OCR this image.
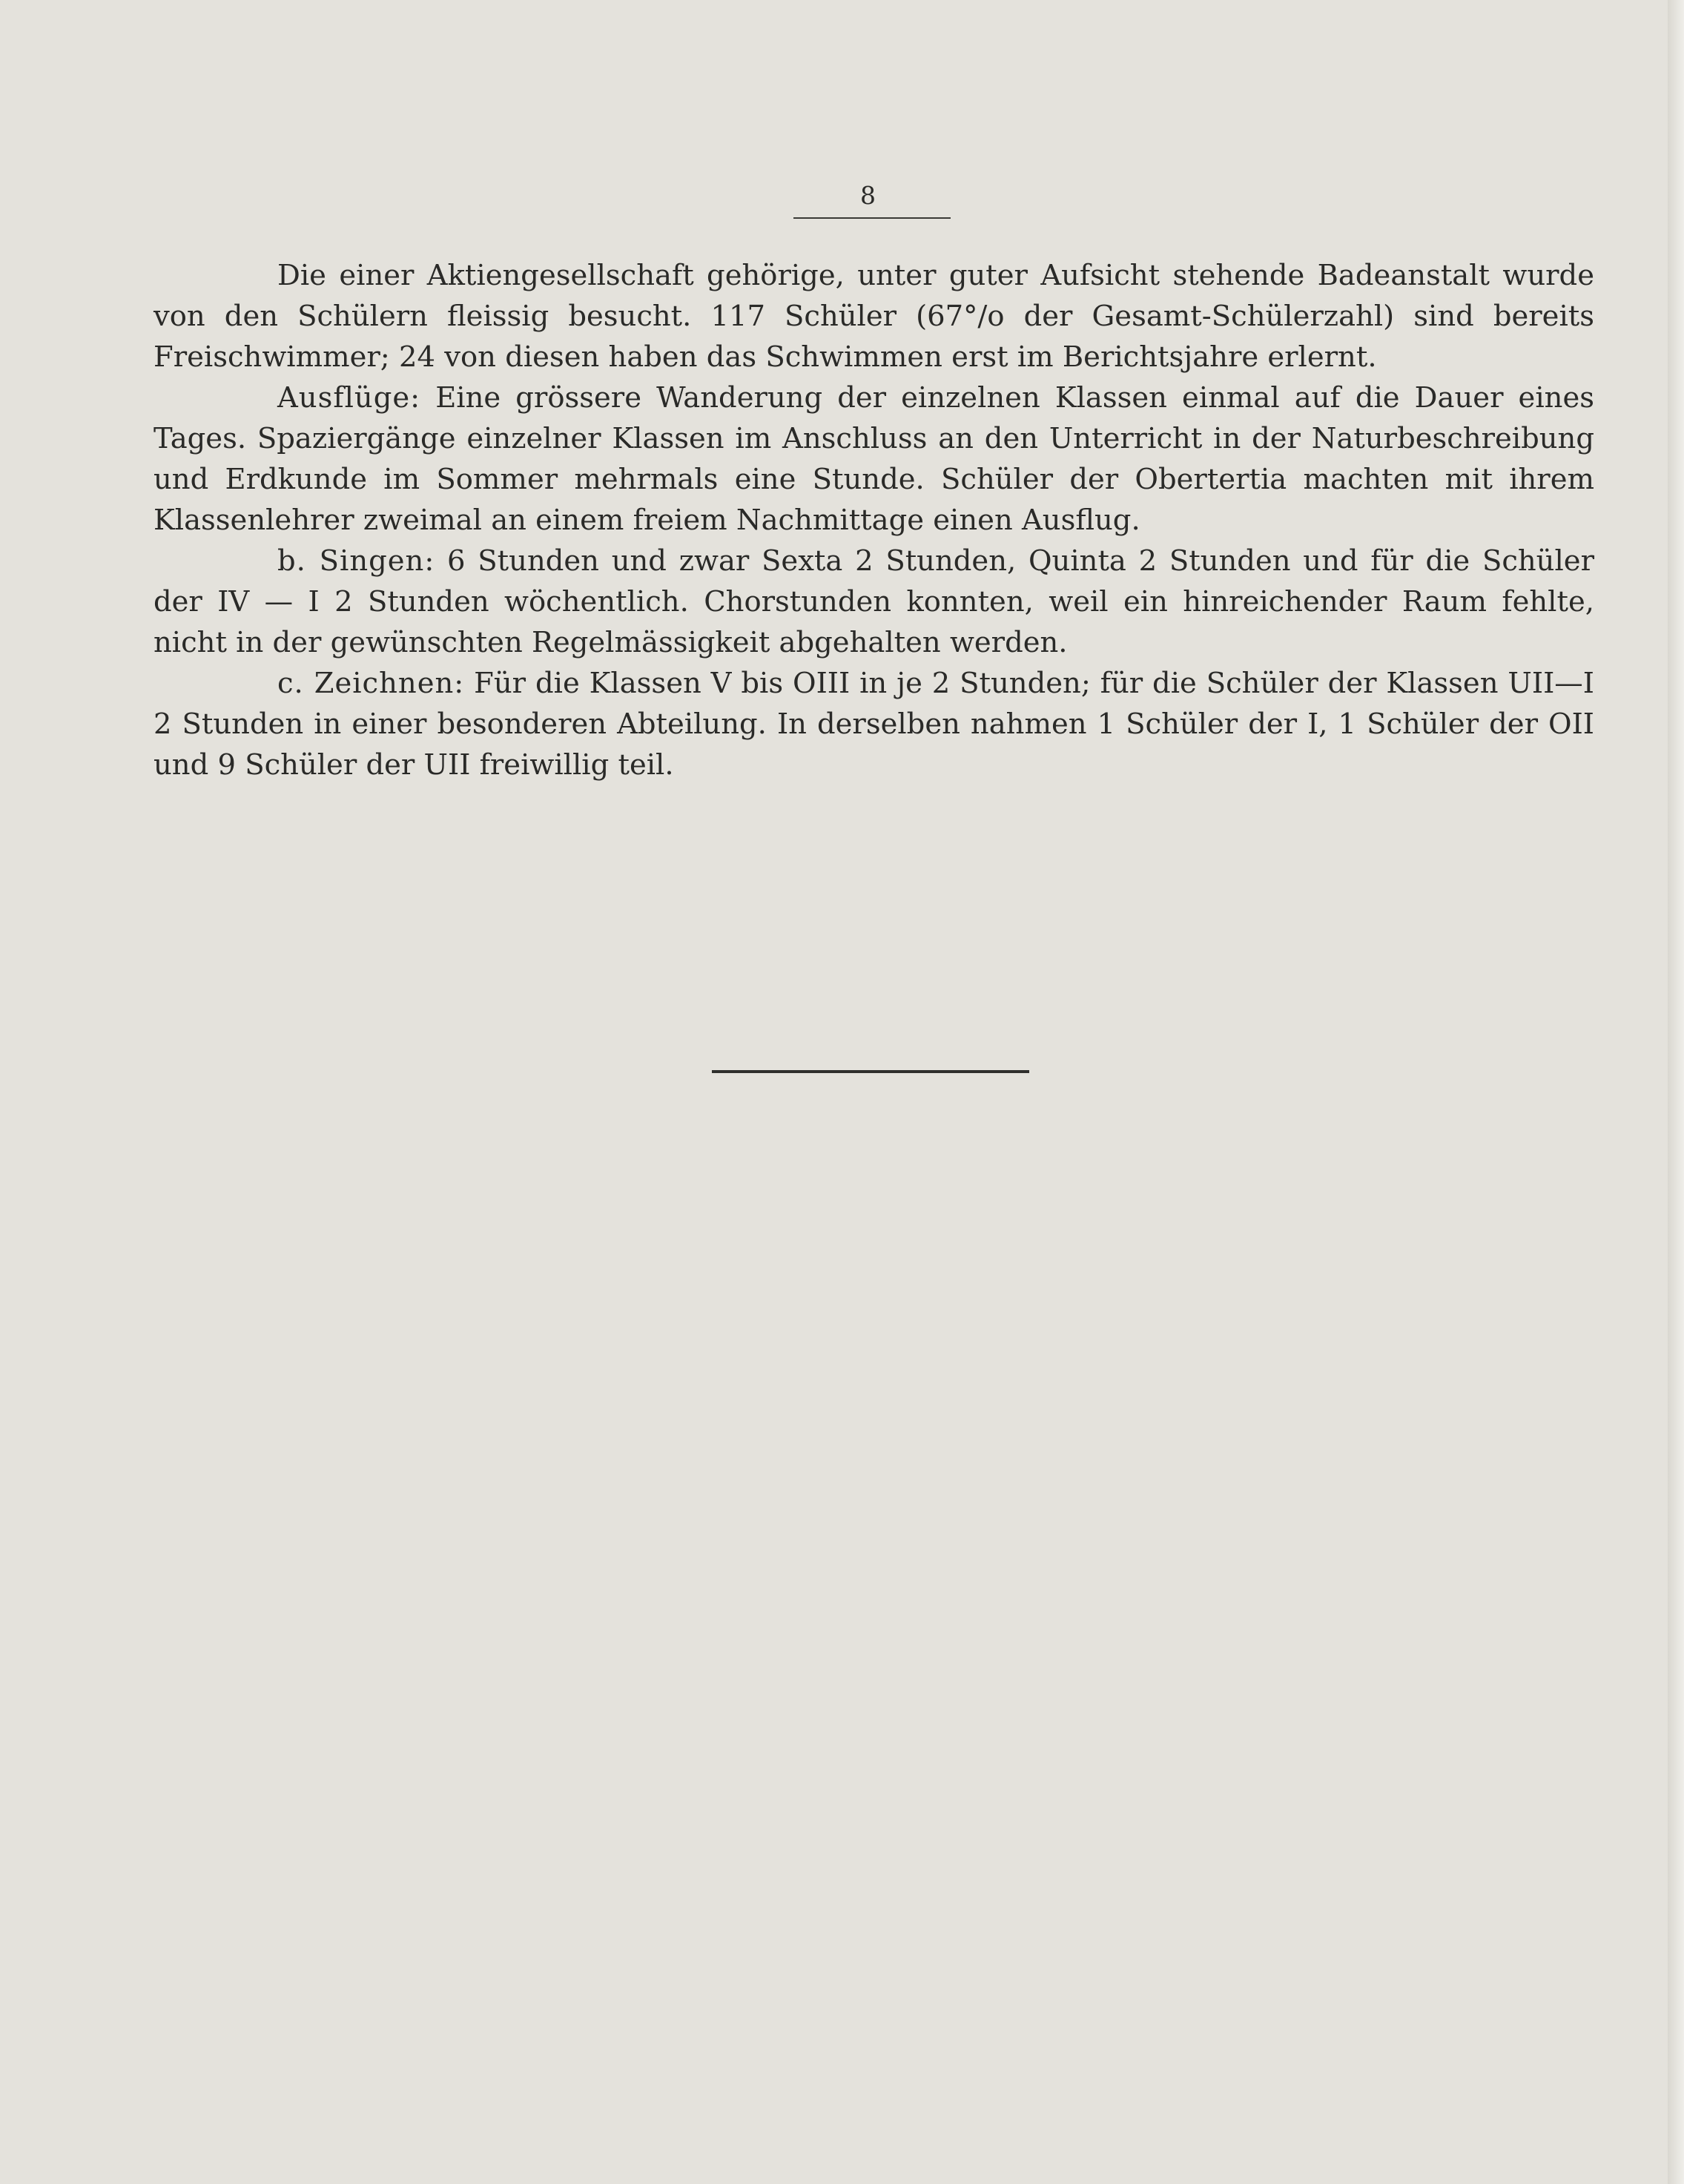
8

Die einer Aktiengesellschaft gehörige, unter guter Aufsicht stehende Badeanstalt wurde von den Schülern fleissig besucht. 117 Schüler (67°/o der Gesamt-Schülerzahl) sind bereits Freischwimmer; 24 von diesen haben das Schwimmen erst im Berichtsjahre erlernt.

Ausflüge: Eine grössere Wanderung der einzelnen Klassen einmal auf die Dauer eines Tages. Spaziergänge einzelner Klassen im Anschluss an den Unterricht in der Naturbeschreibung und Erdkunde im Sommer mehrmals eine Stunde. Schüler der Obertertia machten mit ihrem Klassenlehrer zweimal an einem freiem Nachmittage einen Ausflug.

b. Singen: 6 Stunden und zwar Sexta 2 Stunden, Quinta 2 Stunden und für die Schüler der IV — I 2 Stunden wöchentlich. Chorstunden konnten, weil ein hinreichender Raum fehlte, nicht in der gewünschten Regelmässigkeit abgehalten werden.

c. Zeichnen: Für die Klassen V bis OIII in je 2 Stunden; für die Schüler der Klassen UII—I 2 Stunden in einer besonderen Abteilung. In derselben nahmen 1 Schüler der I, 1 Schüler der OII und 9 Schüler der UII freiwillig teil.
